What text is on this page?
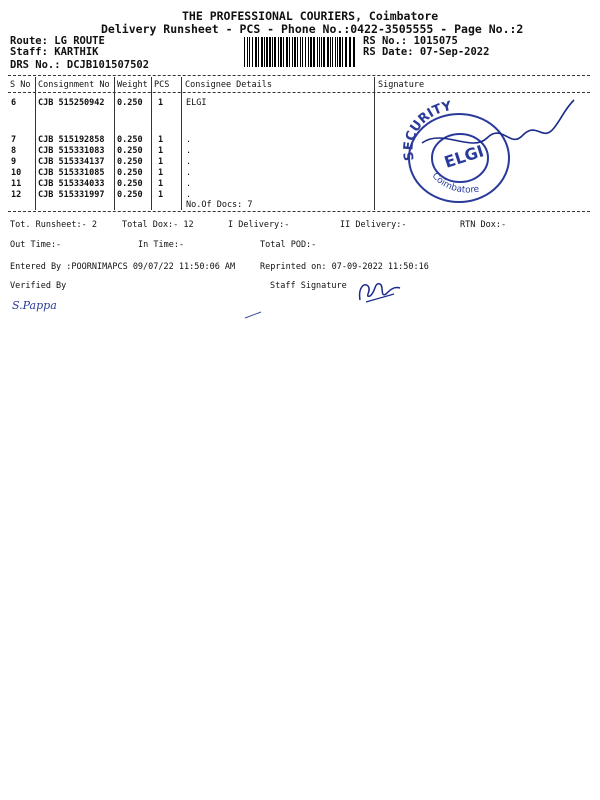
THE PROFESSIONAL COURIERS, Coimbatore
Delivery Runsheet - PCS - Phone No.:0422-3505555 - Page No.:2
Route: LG ROUTE
Staff: KARTHIK
DRS No.: DCJB101507502
RS No.: 1015075
RS Date: 07-Sep-2022
S No Consignment No Weight PCS Consignee Details	Signature
6	CJB 515250942 0.250 1	ELGI
7	CJB 515192858 0.250 1	.
8	CJB 515331083 0.250 1	.
9	CJB 515334137 0.250 1	.
10 CJB 515331085 0.250 1	.
11 CJB 515334033 0.250 1	.
12 CJB 515331997 0.250 1	.
No.Of Docs: 7
SECURITY
ELGI
Coimbatore
Tot. Runsheet:- 2	Total Dox:- 12	I Delivery:-	II Delivery:-	RTN Dox:-
Out Time:-	In Time:-	Total POD:-
Entered By :POORNIMAPCS 09/07/22 11:50:06 AM	Reprinted on: 07-09-2022 11:50:16
Verified By	Staff Signature
S.Pappa
